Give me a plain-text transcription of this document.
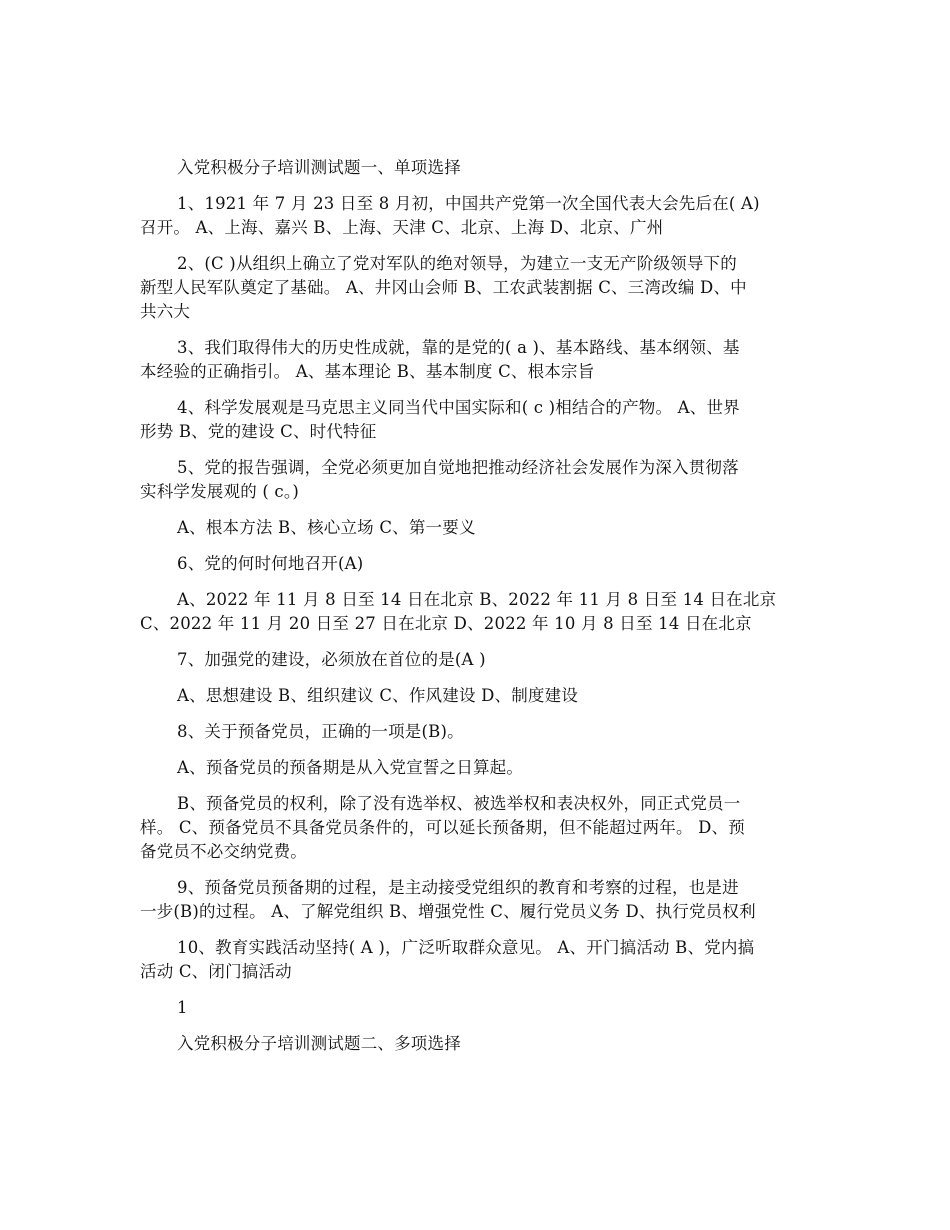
入党积极分子培训测试题一、单项选择

1、1921 年 7 月 23 日至 8 月初，中国共产党第一次全国代表大会先后在( A)
召开。 A、上海、嘉兴 B、上海、天津 C、北京、上海 D、北京、广州

2、(C )从组织上确立了党对军队的绝对领导，为建立一支无产阶级领导下的
新型人民军队奠定了基础。 A、井冈山会师 B、工农武装割据 C、三湾改编 D、中
共六大

3、我们取得伟大的历史性成就，靠的是党的( a )、基本路线、基本纲领、基
本经验的正确指引。 A、基本理论 B、基本制度 C、根本宗旨

4、科学发展观是马克思主义同当代中国实际和( c )相结合的产物。 A、世界
形势 B、党的建设 C、时代特征

5、党的报告强调，全党必须更加自觉地把推动经济社会发展作为深入贯彻落
实科学发展观的 ( c。)

A、根本方法 B、核心立场 C、第一要义

6、党的何时何地召开(A)

A、2022 年 11 月 8 日至 14 日在北京 B、2022 年 11 月 8 日至 14 日在北京
C、2022 年 11 月 20 日至 27 日在北京 D、2022 年 10 月 8 日至 14 日在北京

7、加强党的建设，必须放在首位的是(A )

A、思想建设 B、组织建议 C、作风建设 D、制度建设

8、关于预备党员，正确的一项是(B)。

A、预备党员的预备期是从入党宣誓之日算起。

B、预备党员的权利，除了没有选举权、被选举权和表决权外，同正式党员一
样。 C、预备党员不具备党员条件的，可以延长预备期，但不能超过两年。 D、预
备党员不必交纳党费。

9、预备党员预备期的过程，是主动接受党组织的教育和考察的过程，也是进
一步(B)的过程。 A、了解党组织 B、增强党性 C、履行党员义务 D、执行党员权利

10、教育实践活动坚持( A )，广泛听取群众意见。 A、开门搞活动 B、党内搞
活动 C、闭门搞活动

1

入党积极分子培训测试题二、多项选择
